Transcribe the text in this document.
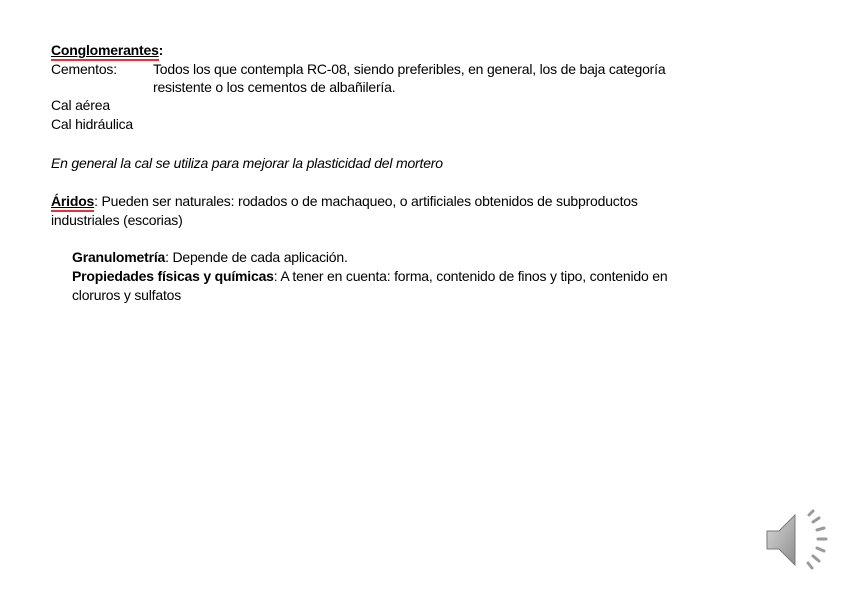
Conglomerantes:
Cementos:	Todos los que contempla RC-08, siendo preferibles, en general, los de baja categoría
resistente o los cementos de albañilería.
Cal aérea
Cal hidráulica
En general la cal se utiliza para mejorar la plasticidad del mortero
Áridos: Pueden ser naturales: rodados o de machaqueo, o artificiales obtenidos de subproductos
industriales (escorias)
Granulometría: Depende de cada aplicación.
Propiedades físicas y químicas: A tener en cuenta: forma, contenido de finos y tipo, contenido en
cloruros y sulfatos
